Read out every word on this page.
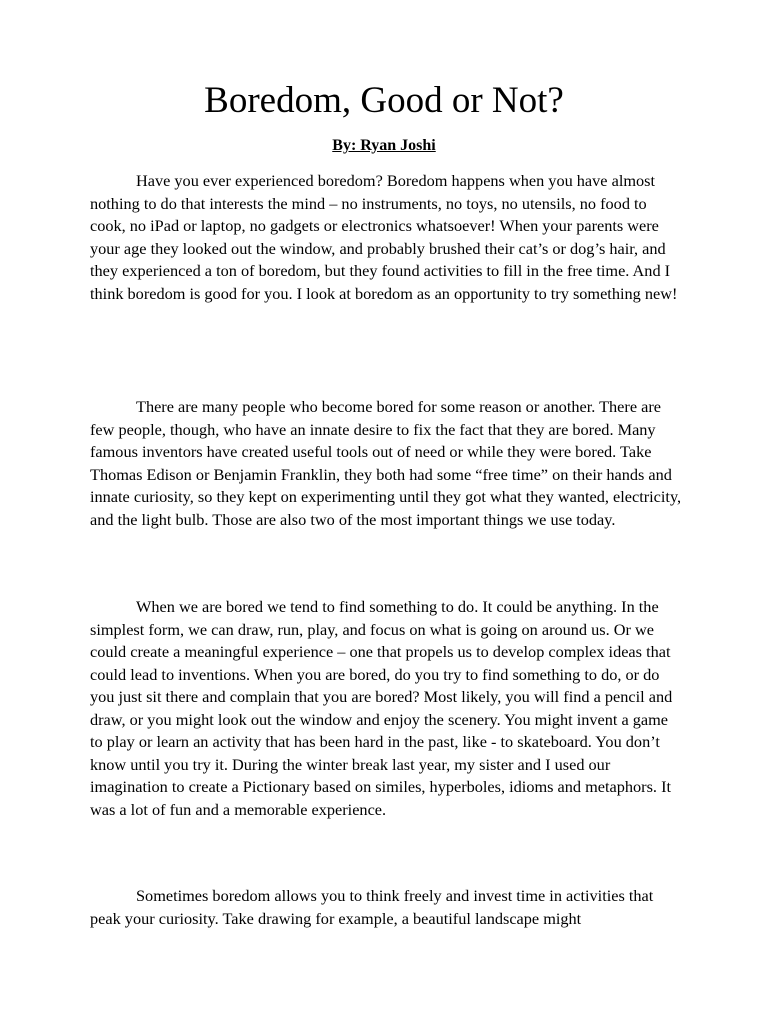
Boredom, Good or Not?

By: Ryan Joshi

Have you ever experienced boredom? Boredom happens when you have almost nothing to do that interests the mind – no instruments, no toys, no utensils, no food to cook, no iPad or laptop, no gadgets or electronics whatsoever! When your parents were your age they looked out the window, and probably brushed their cat’s or dog’s hair, and they experienced a ton of boredom, but they found activities to fill in the free time. And I think boredom is good for you. I look at boredom as an opportunity to try something new!

There are many people who become bored for some reason or another. There are few people, though, who have an innate desire to fix the fact that they are bored. Many famous inventors have created useful tools out of need or while they were bored. Take Thomas Edison or Benjamin Franklin, they both had some “free time” on their hands and innate curiosity, so they kept on experimenting until they got what they wanted, electricity, and the light bulb. Those are also two of the most important things we use today.

When we are bored we tend to find something to do. It could be anything. In the simplest form, we can draw, run, play, and focus on what is going on around us. Or we could create a meaningful experience – one that propels us to develop complex ideas that could lead to inventions. When you are bored, do you try to find something to do, or do you just sit there and complain that you are bored? Most likely, you will find a pencil and draw, or you might look out the window and enjoy the scenery. You might invent a game to play or learn an activity that has been hard in the past, like - to skateboard. You don’t know until you try it. During the winter break last year, my sister and I used our imagination to create a Pictionary based on similes, hyperboles, idioms and metaphors. It was a lot of fun and a memorable experience.

Sometimes boredom allows you to think freely and invest time in activities that peak your curiosity. Take drawing for example, a beautiful landscape might
